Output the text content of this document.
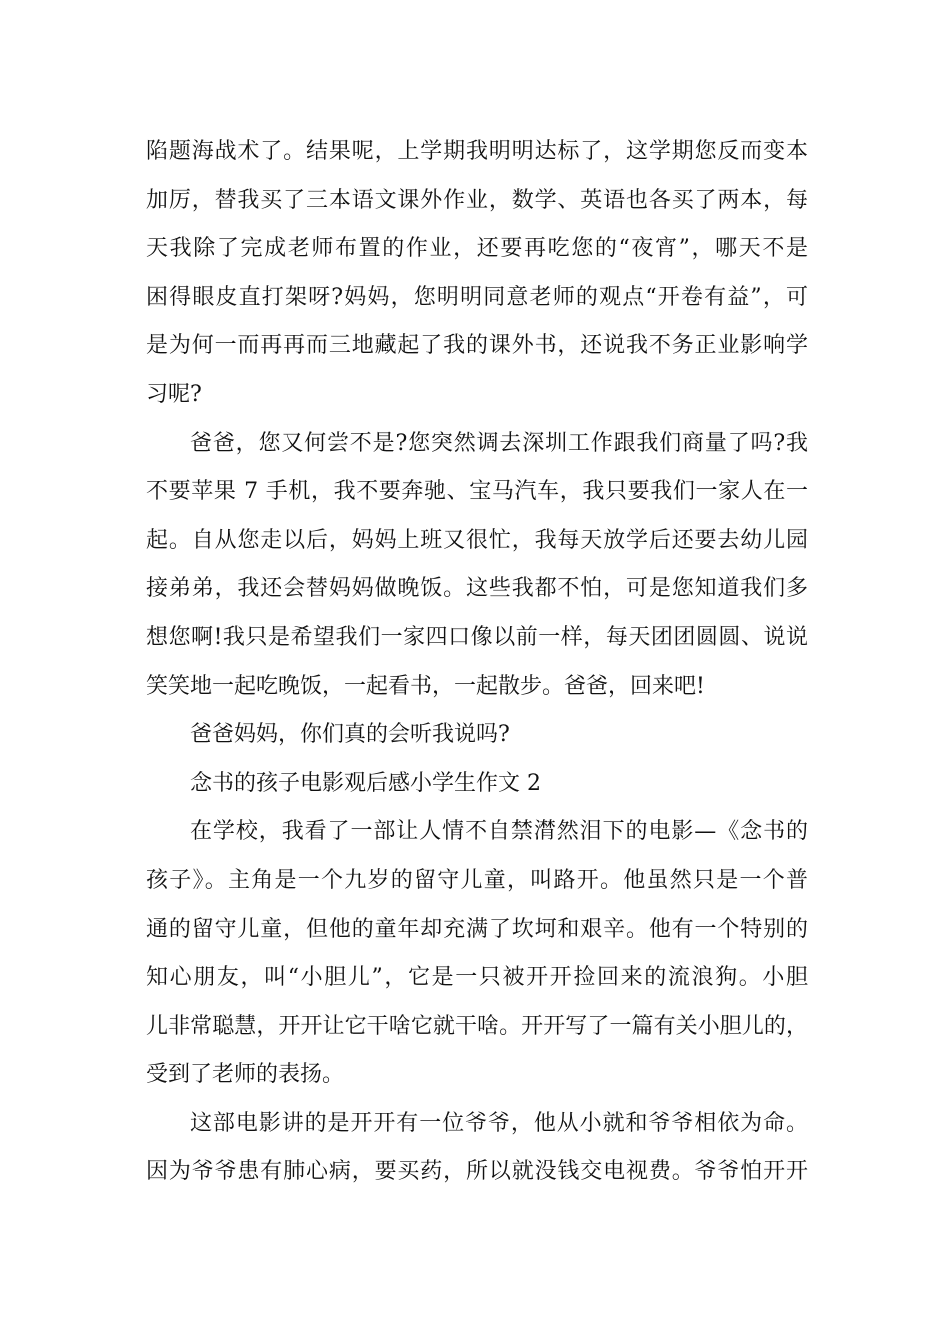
陷题海战术了。结果呢，上学期我明明达标了，这学期您反而变本
加厉，替我买了三本语文课外作业，数学、英语也各买了两本，每
天我除了完成老师布置的作业，还要再吃您的“夜宵”，哪天不是
困得眼皮直打架呀?妈妈，您明明同意老师的观点“开卷有益”，可
是为何一而再再而三地藏起了我的课外书，还说我不务正业影响学
习呢?
爸爸，您又何尝不是?您突然调去深圳工作跟我们商量了吗?我
不要苹果 7 手机，我不要奔驰、宝马汽车，我只要我们一家人在一
起。自从您走以后，妈妈上班又很忙，我每天放学后还要去幼儿园
接弟弟，我还会替妈妈做晚饭。这些我都不怕，可是您知道我们多
想您啊!我只是希望我们一家四口像以前一样，每天团团圆圆、说说
笑笑地一起吃晚饭，一起看书，一起散步。爸爸，回来吧!
爸爸妈妈，你们真的会听我说吗?
念书的孩子电影观后感小学生作文 2
在学校，我看了一部让人情不自禁潸然泪下的电影—《念书的
孩子》。主角是一个九岁的留守儿童，叫路开。他虽然只是一个普
通的留守儿童，但他的童年却充满了坎坷和艰辛。他有一个特别的
知心朋友，叫“小胆儿”，它是一只被开开捡回来的流浪狗。小胆
儿非常聪慧，开开让它干啥它就干啥。开开写了一篇有关小胆儿的，
受到了老师的表扬。
这部电影讲的是开开有一位爷爷，他从小就和爷爷相依为命。
因为爷爷患有肺心病，要买药，所以就没钱交电视费。爷爷怕开开
